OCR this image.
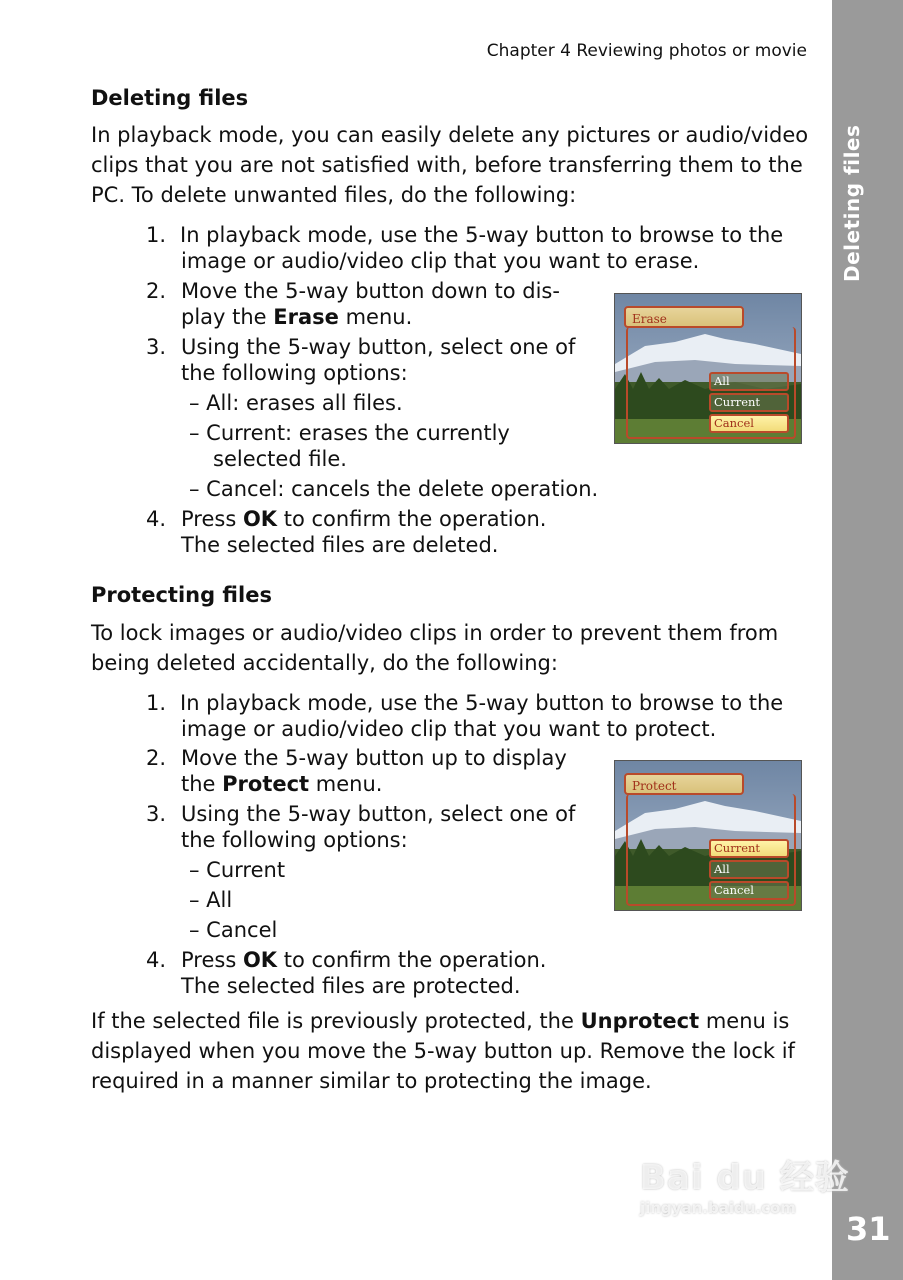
Deleting files
Bai du 经验
jingyan.baidu.com
31
Chapter 4 Reviewing photos or movie
Deleting files

In playback mode, you can easily delete any pictures or audio/video clips that you are not satisfied with, before transferring them to the PC. To delete unwanted files, do the following:

1. In playback mode, use the 5-way button to browse to the

image or audio/video clip that you want to erase.

2. Move the 5-way button down to dis-

play the Erase menu.

3. Using the 5-way button, select one of

the following options:

– All: erases all files.

– Current: erases the currently

selected file.

– Cancel: cancels the delete operation.

4. Press OK to confirm the operation.

The selected files are deleted.

Erase
All
Current
Cancel
Protecting files

To lock images or audio/video clips in order to prevent them from being deleted accidentally, do the following:

1. In playback mode, use the 5-way button to browse to the

image or audio/video clip that you want to protect.

2. Move the 5-way button up to display

the Protect menu.

3. Using the 5-way button, select one of

the following options:

– Current

– All

– Cancel

4. Press OK to confirm the operation.

The selected files are protected.

Protect
Current
All
Cancel

If the selected file is previously protected, the Unprotect menu is displayed when you move the 5-way button up. Remove the lock if required in a manner similar to protecting the image.
